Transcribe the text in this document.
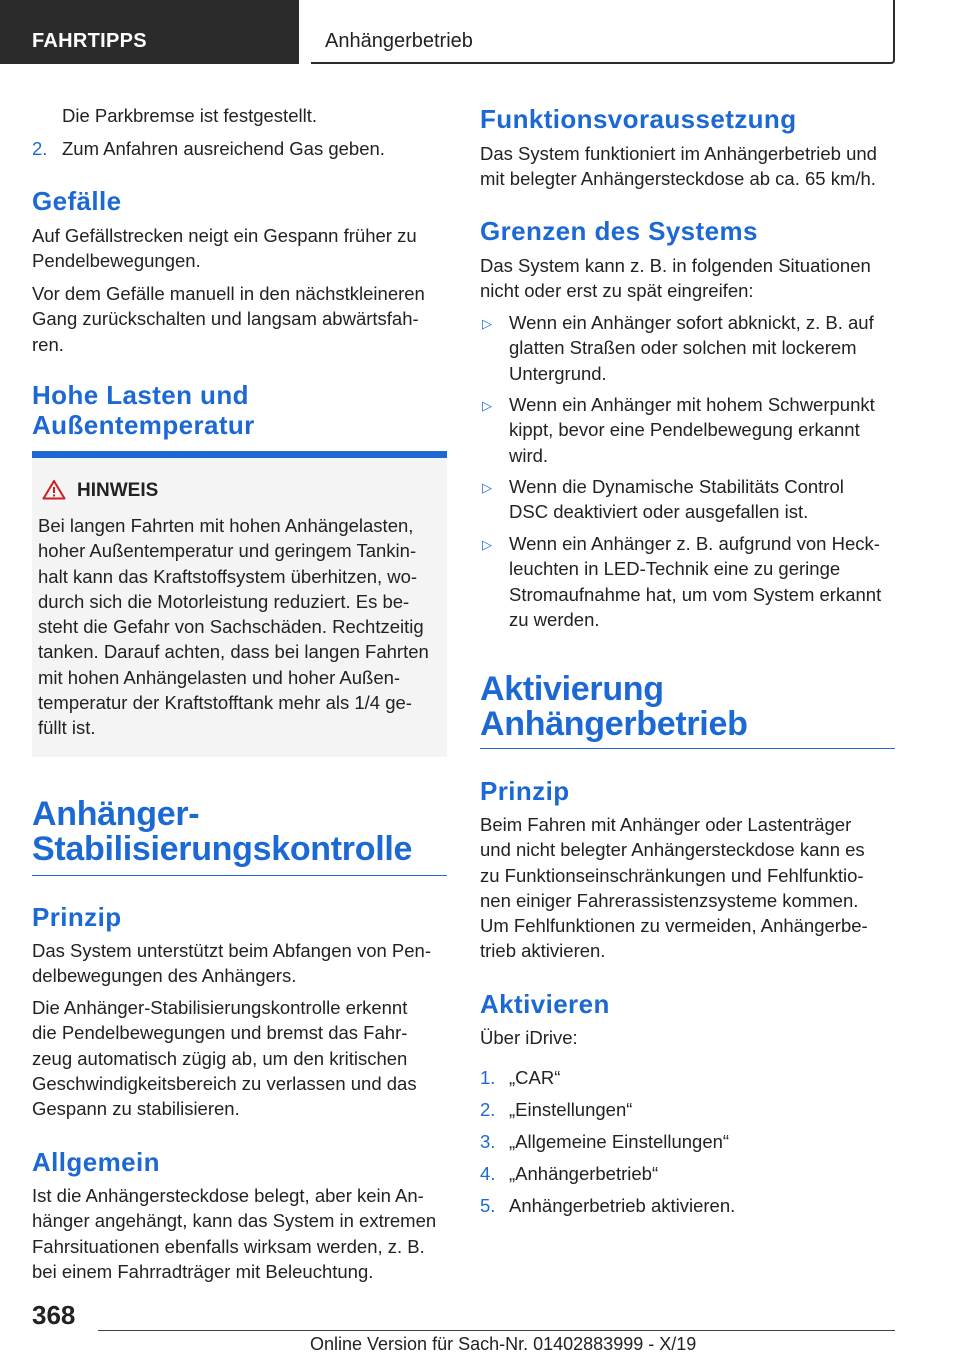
FAHRTIPPS	Anhängerbetrieb
Die Parkbremse ist festgestellt.
2. Zum Anfahren ausreichend Gas geben.
Gefälle
Auf Gefällstrecken neigt ein Gespann früher zu
Pendelbewegungen.
Vor dem Gefälle manuell in den nächstkleineren
Gang zurückschalten und langsam abwärtsfah‐
ren.
Hohe Lasten und
Außentemperatur
HINWEIS
Bei langen Fahrten mit hohen Anhängelasten,
hoher Außentemperatur und geringem Tankin‐
halt kann das Kraftstoffsystem überhitzen, wo‐
durch sich die Motorleistung reduziert. Es be‐
steht die Gefahr von Sachschäden. Rechtzeitig
tanken. Darauf achten, dass bei langen Fahrten
mit hohen Anhängelasten und hoher Außen‐
temperatur der Kraftstofftank mehr als 1/4 ge‐
füllt ist.
Anhänger‐
Stabilisierungskontrolle
Prinzip
Das System unterstützt beim Abfangen von Pen‐
delbewegungen des Anhängers.
Die Anhänger-Stabilisierungskontrolle erkennt
die Pendelbewegungen und bremst das Fahr‐
zeug automatisch zügig ab, um den kritischen
Geschwindigkeitsbereich zu verlassen und das
Gespann zu stabilisieren.
Allgemein
Ist die Anhängersteckdose belegt, aber kein An‐
hänger angehängt, kann das System in extremen
Fahrsituationen ebenfalls wirksam werden, z. B.
bei einem Fahrradträger mit Beleuchtung.
Funktionsvoraussetzung
Das System funktioniert im Anhängerbetrieb und
mit belegter Anhängersteckdose ab ca. 65 km/h.
Grenzen des Systems
Das System kann z. B. in folgenden Situationen
nicht oder erst zu spät eingreifen:
▷ Wenn ein Anhänger sofort abknickt, z. B. auf
glatten Straßen oder solchen mit lockerem
Untergrund.
▷ Wenn ein Anhänger mit hohem Schwerpunkt
kippt, bevor eine Pendelbewegung erkannt
wird.
▷ Wenn die Dynamische Stabilitäts Control
DSC deaktiviert oder ausgefallen ist.
▷ Wenn ein Anhänger z. B. aufgrund von Heck‐
leuchten in LED-Technik eine zu geringe
Stromaufnahme hat, um vom System erkannt
zu werden.
Aktivierung
Anhängerbetrieb
Prinzip
Beim Fahren mit Anhänger oder Lastenträger
und nicht belegter Anhängersteckdose kann es
zu Funktionseinschränkungen und Fehlfunktio‐
nen einiger Fahrerassistenzsysteme kommen.
Um Fehlfunktionen zu vermeiden, Anhängerbe‐
trieb aktivieren.
Aktivieren
Über iDrive:
1. „CAR“
2. „Einstellungen“
3. „Allgemeine Einstellungen“
4. „Anhängerbetrieb“
5. Anhängerbetrieb aktivieren.
368
Online Version für Sach-Nr. 01402883999 - X/19
